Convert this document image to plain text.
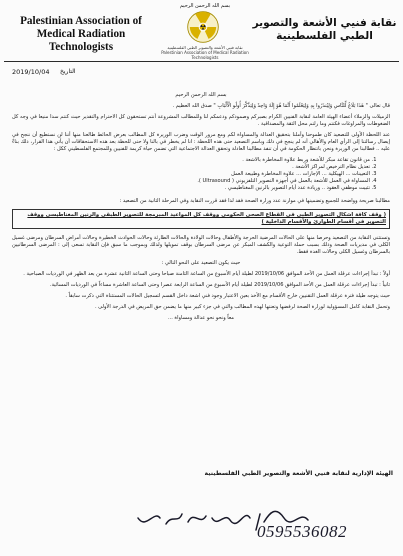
Palestinian Association of Medical Radiation Technologists
بسم الله الرحمن الرحيم
نقابة فنيي الأشعة والتصوير الطبي الفلسطينية
Palestinian Association of Medical Radiation Technologists
نقابة فنيي الأشعة والتصوير الطبي الفلسطينية
2019/10/04 التاريخ

بسم الله الرحمن الرحيم

قال تعالى " هَذَا بَلَاغٌ لِّلنَّاسِ وَلِيُنذَرُوا بِهِ وَلِيَعْلَمُوا أَنَّمَا هُوَ إِلَهٌ وَاحِدٌ وَلِيَذَّكَّرَ أُولُو الْأَلْبَابِ " صدق الله العظيم .

الزميلات والزملاء أعضاء الهيئة العامة لنقابة الفنيين الكرام بصبركم وصمودكم ودعمكم لنا وللمطالب المشروعة أنتم تستحقون كل الاحترام والتقدير حيث كنتم سدا منيعا في وجه كل الضغوطات والمراوغات فكنتم وما زلتم محل الثقة والمصداقية .

عند اللحظة الأولى للتصعيد كان طموحنا وأملنا بتحقيق العدالة والمساواة لكم ومع مرور الوقت وضرب الوزيرة كل المطالب بعرض الحائط طالعنا منها أننا لن نستطيع أن ننجح في إيصال رسالتنا إلى الرأي العام والأهالي أنه لم ينجح في ذلك وباسم التصعيد حتى هذه اللحظة : انا لم يخطر في بالنا ولا حتى للحظة بعد هذه الاستحقاقات أن يأتي هذا القرار، ذلك بناءً عليه .. فطالبنا من الوزيرة ونحن بانتظار الحكومة في أن تنفذ مطالبنا العادلة وتحقق العدالة الاجتماعية التي تضمن حياة كريمة للفنيين وللمجتمع الفلسطيني ككل :

1. من قانون تقاعد مبكر للأشعة وربط علاوة المخاطرة بالاشعة .
2. تعديل نظام الترخيص لمراكز الأشعة .
3. التعيينات ... الهيكلية ... الإجازات ... علاوة المخاطرة وطبيعة العمل
4. المساواة في العمل للأشعة بالعمل في أجهزة التصوير التلفزيوني ( Ultrasound ).
5. تثبيت موظفي العقود .. وزيادة عدد أيام التصوير بالرنين المغناطيسي .

مطالبنا صريحة وواضحة للجميع وتضمينها في موازنة عدد وزارة الصحة فقد لذا فقد قررت النقابة وفي المرحلة الثانية من التصعيد :

( وقف كافة اشكال التصوير الطبي في القطاع الصحي الحكومي ووقف كل المواعيد المبرمجة للتصوير الطبقي والرنين المغناطيسي ووقف التصوير في أقسام الطوارئ والأقسام الداخلية )

وتستثنى النقابة من التصعيد وحرصا منها على الحالات المرضية الحرجة والأطفال وحالات الولادة والحالات الطارئة وحالات الحوادث الخطيرة وحالات أمراض السرطان ومرضى غسيل الكلى في مديريات الصحة وذلك بسبب حملة التوعية والكشف المبكر عن مرضى السرطان بوقف تمويلها ولذلك وبموجب ما سبق فإن النقابة تسعى إلى : المرضى السرطانيين بالسرطان وغسيل الكلى وحالات الغدة فقط.

حيث يكون التصعيد على النحو التالي :

أولاً : تبدأ إجراءات عرقلة العمل من الأحد الموافق 2019/10/06 لطيلة أيام الأسبوع من الساعة الثامنة صباحا وحتى الساعة الثانية عشرة من بعد الظهر في الورديات الصباحية .

ثانياً : تبدأ إجراءات عرقلة العمل من الأحد الموافق 2019/10/06 لطيلة أيام الأسبوع من الساعة الرابعة عصرا وحتى الساعة العاشرة مساءاً في الورديات المسائية.

حيث يتوجه طيلة فترة عرقلة العمل التقنيين خارج الأقسام مع الأخذ بعين الاعتبار وجود فني اشعة داخل القسم لتسجيل الحالات المستثناة التي ذكرت سابقاً .

وتحمل النقابة كامل المسؤولية لوزارة الصحة لرفضها وتعنتها لهذه المطالب والتي في جزء كبير منها ما يضمن حق المريض في الدرجة الأولى .

معاً ونحو نحو عدالة ومساواة ...

الهيئة الإدارية لنقابة فنيي الأشعة والتصوير الطبي الفلسطينية
0595536082
